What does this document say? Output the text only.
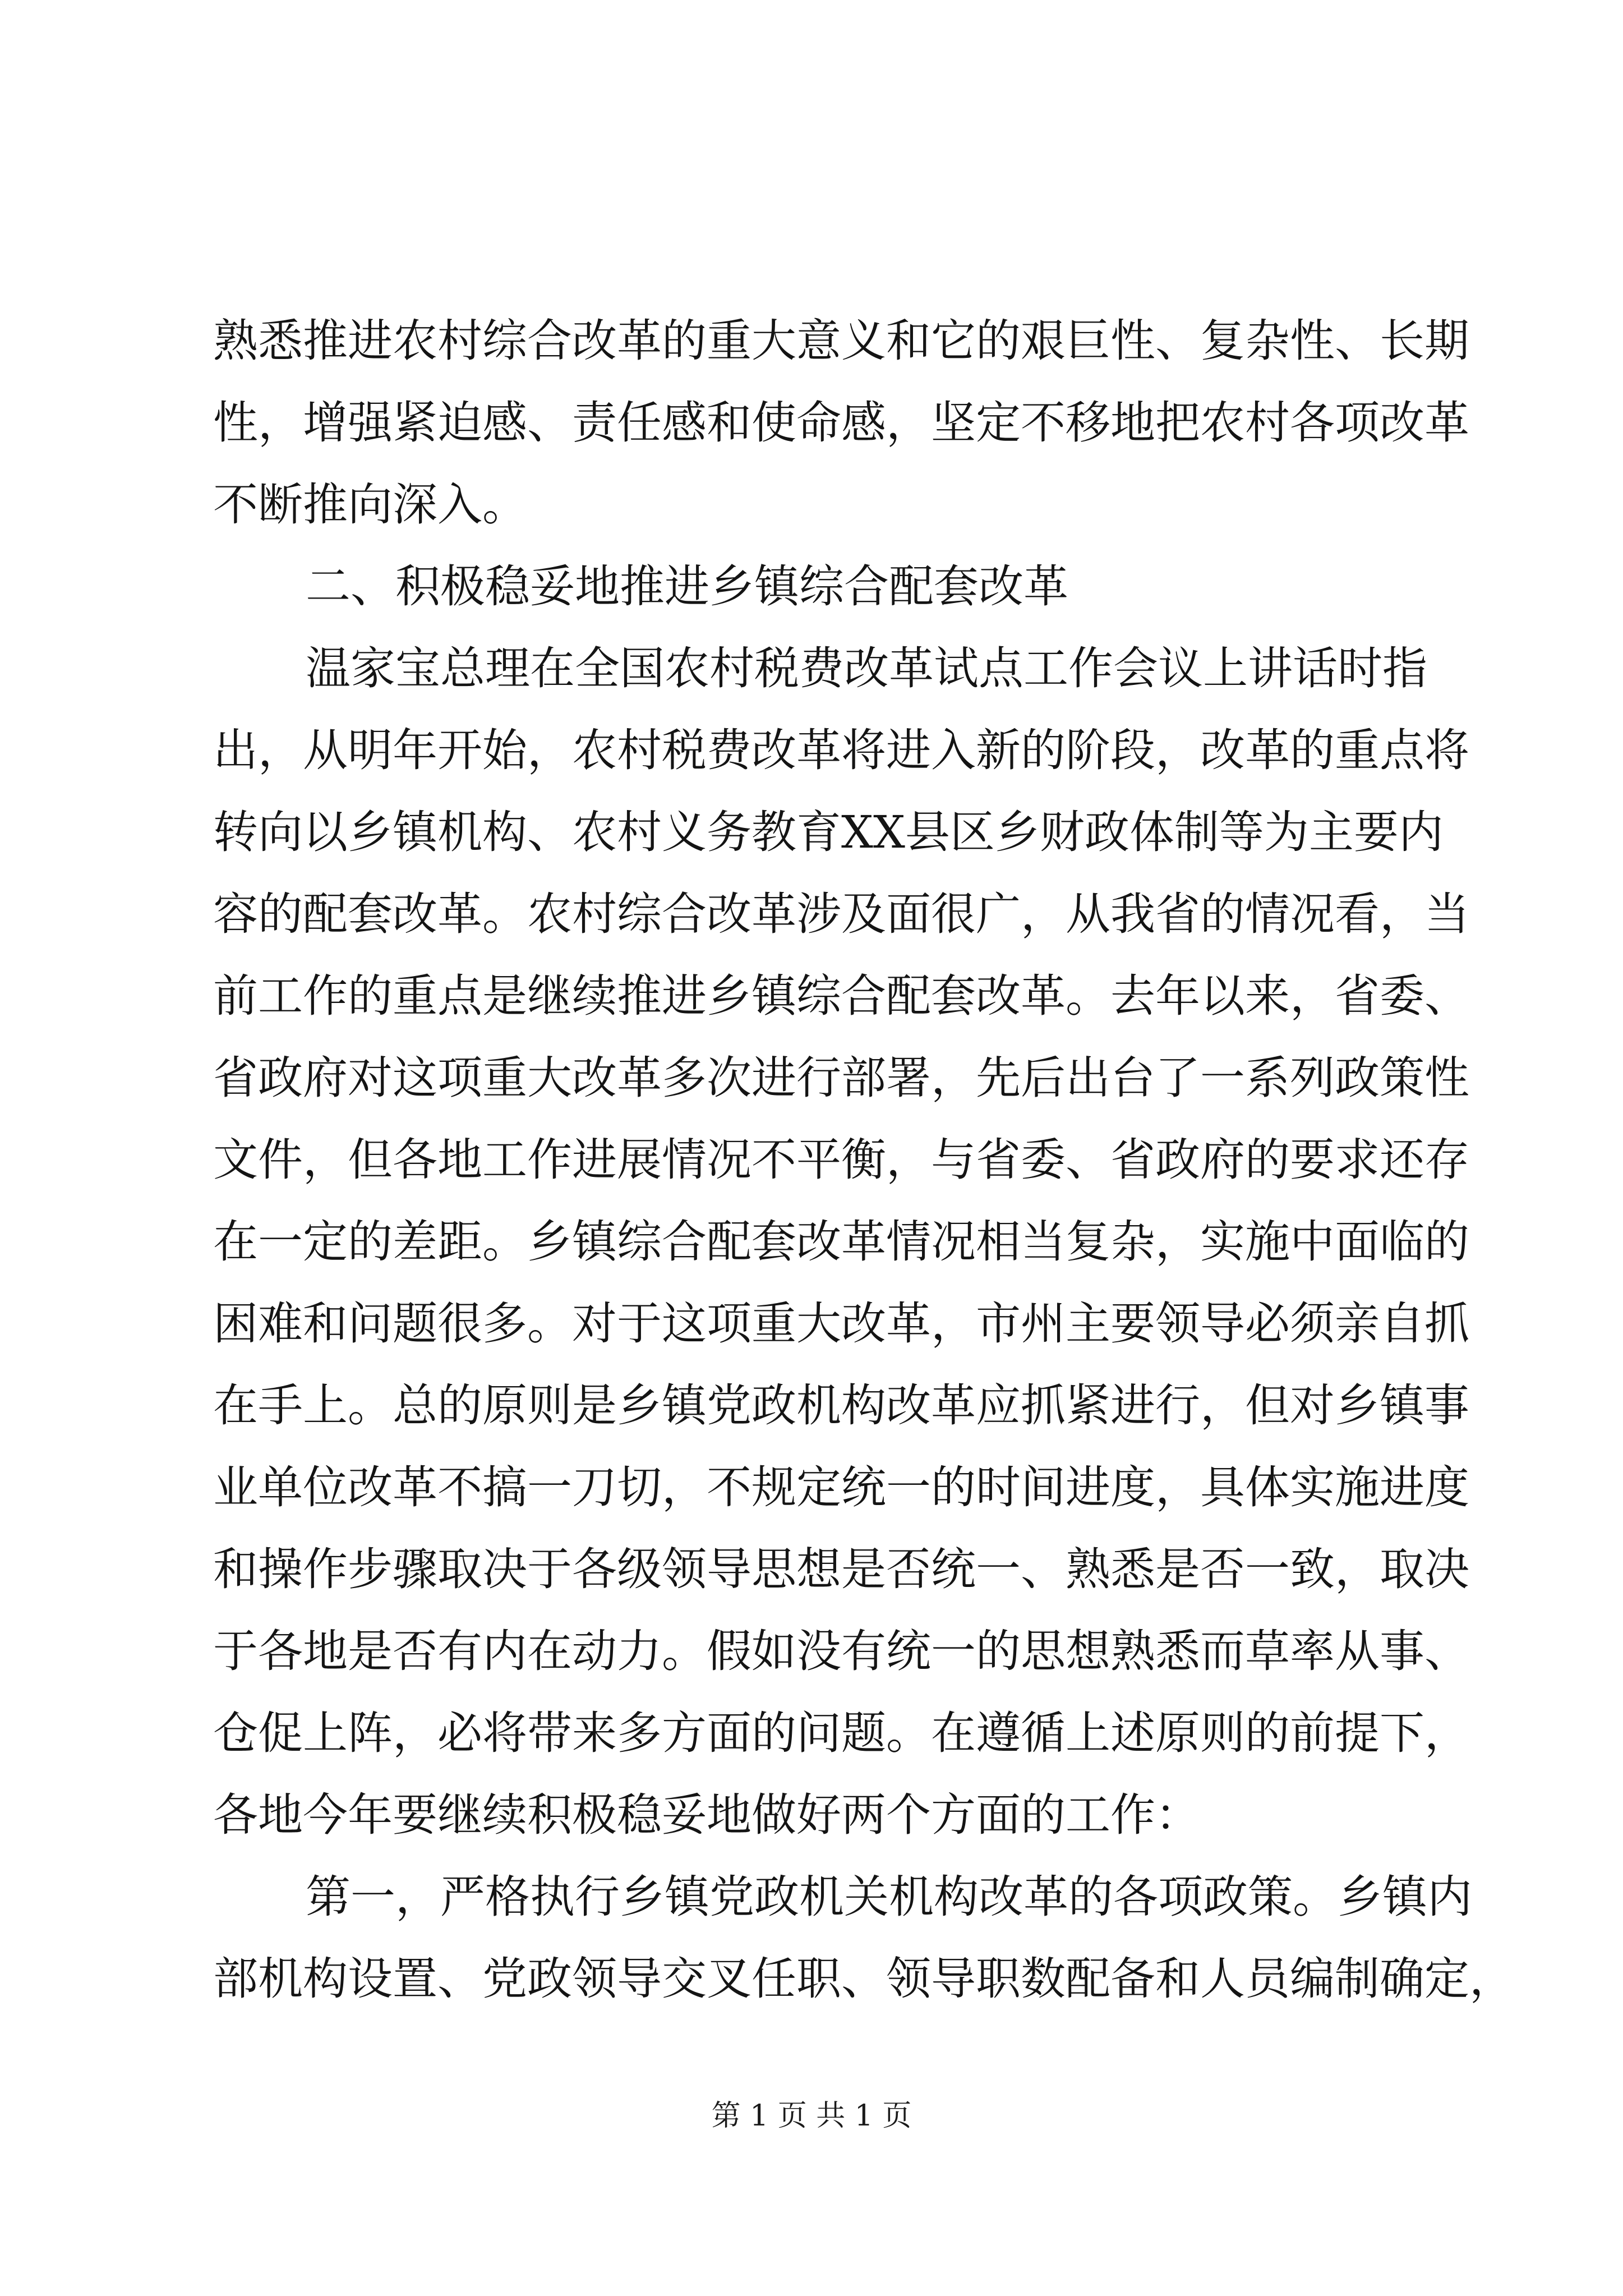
熟悉推进农村综合改革的重大意义和它的艰巨性、复杂性、长期
性，增强紧迫感、责任感和使命感，坚定不移地把农村各项改革
不断推向深入。
二、积极稳妥地推进乡镇综合配套改革
温家宝总理在全国农村税费改革试点工作会议上讲话时指
出，从明年开始，农村税费改革将进入新的阶段，改革的重点将
转向以乡镇机构、农村义务教育XX县区乡财政体制等为主要内
容的配套改革。农村综合改革涉及面很广，从我省的情况看，当
前工作的重点是继续推进乡镇综合配套改革。去年以来，省委、
省政府对这项重大改革多次进行部署，先后出台了一系列政策性
文件，但各地工作进展情况不平衡，与省委、省政府的要求还存
在一定的差距。乡镇综合配套改革情况相当复杂，实施中面临的
困难和问题很多。对于这项重大改革，市州主要领导必须亲自抓
在手上。总的原则是乡镇党政机构改革应抓紧进行，但对乡镇事
业单位改革不搞一刀切，不规定统一的时间进度，具体实施进度
和操作步骤取决于各级领导思想是否统一、熟悉是否一致，取决
于各地是否有内在动力。假如没有统一的思想熟悉而草率从事、
仓促上阵，必将带来多方面的问题。在遵循上述原则的前提下，
各地今年要继续积极稳妥地做好两个方面的工作：
第一，严格执行乡镇党政机关机构改革的各项政策。乡镇内
部机构设置、党政领导交叉任职、领导职数配备和人员编制确定，
第 1 页 共 1 页
